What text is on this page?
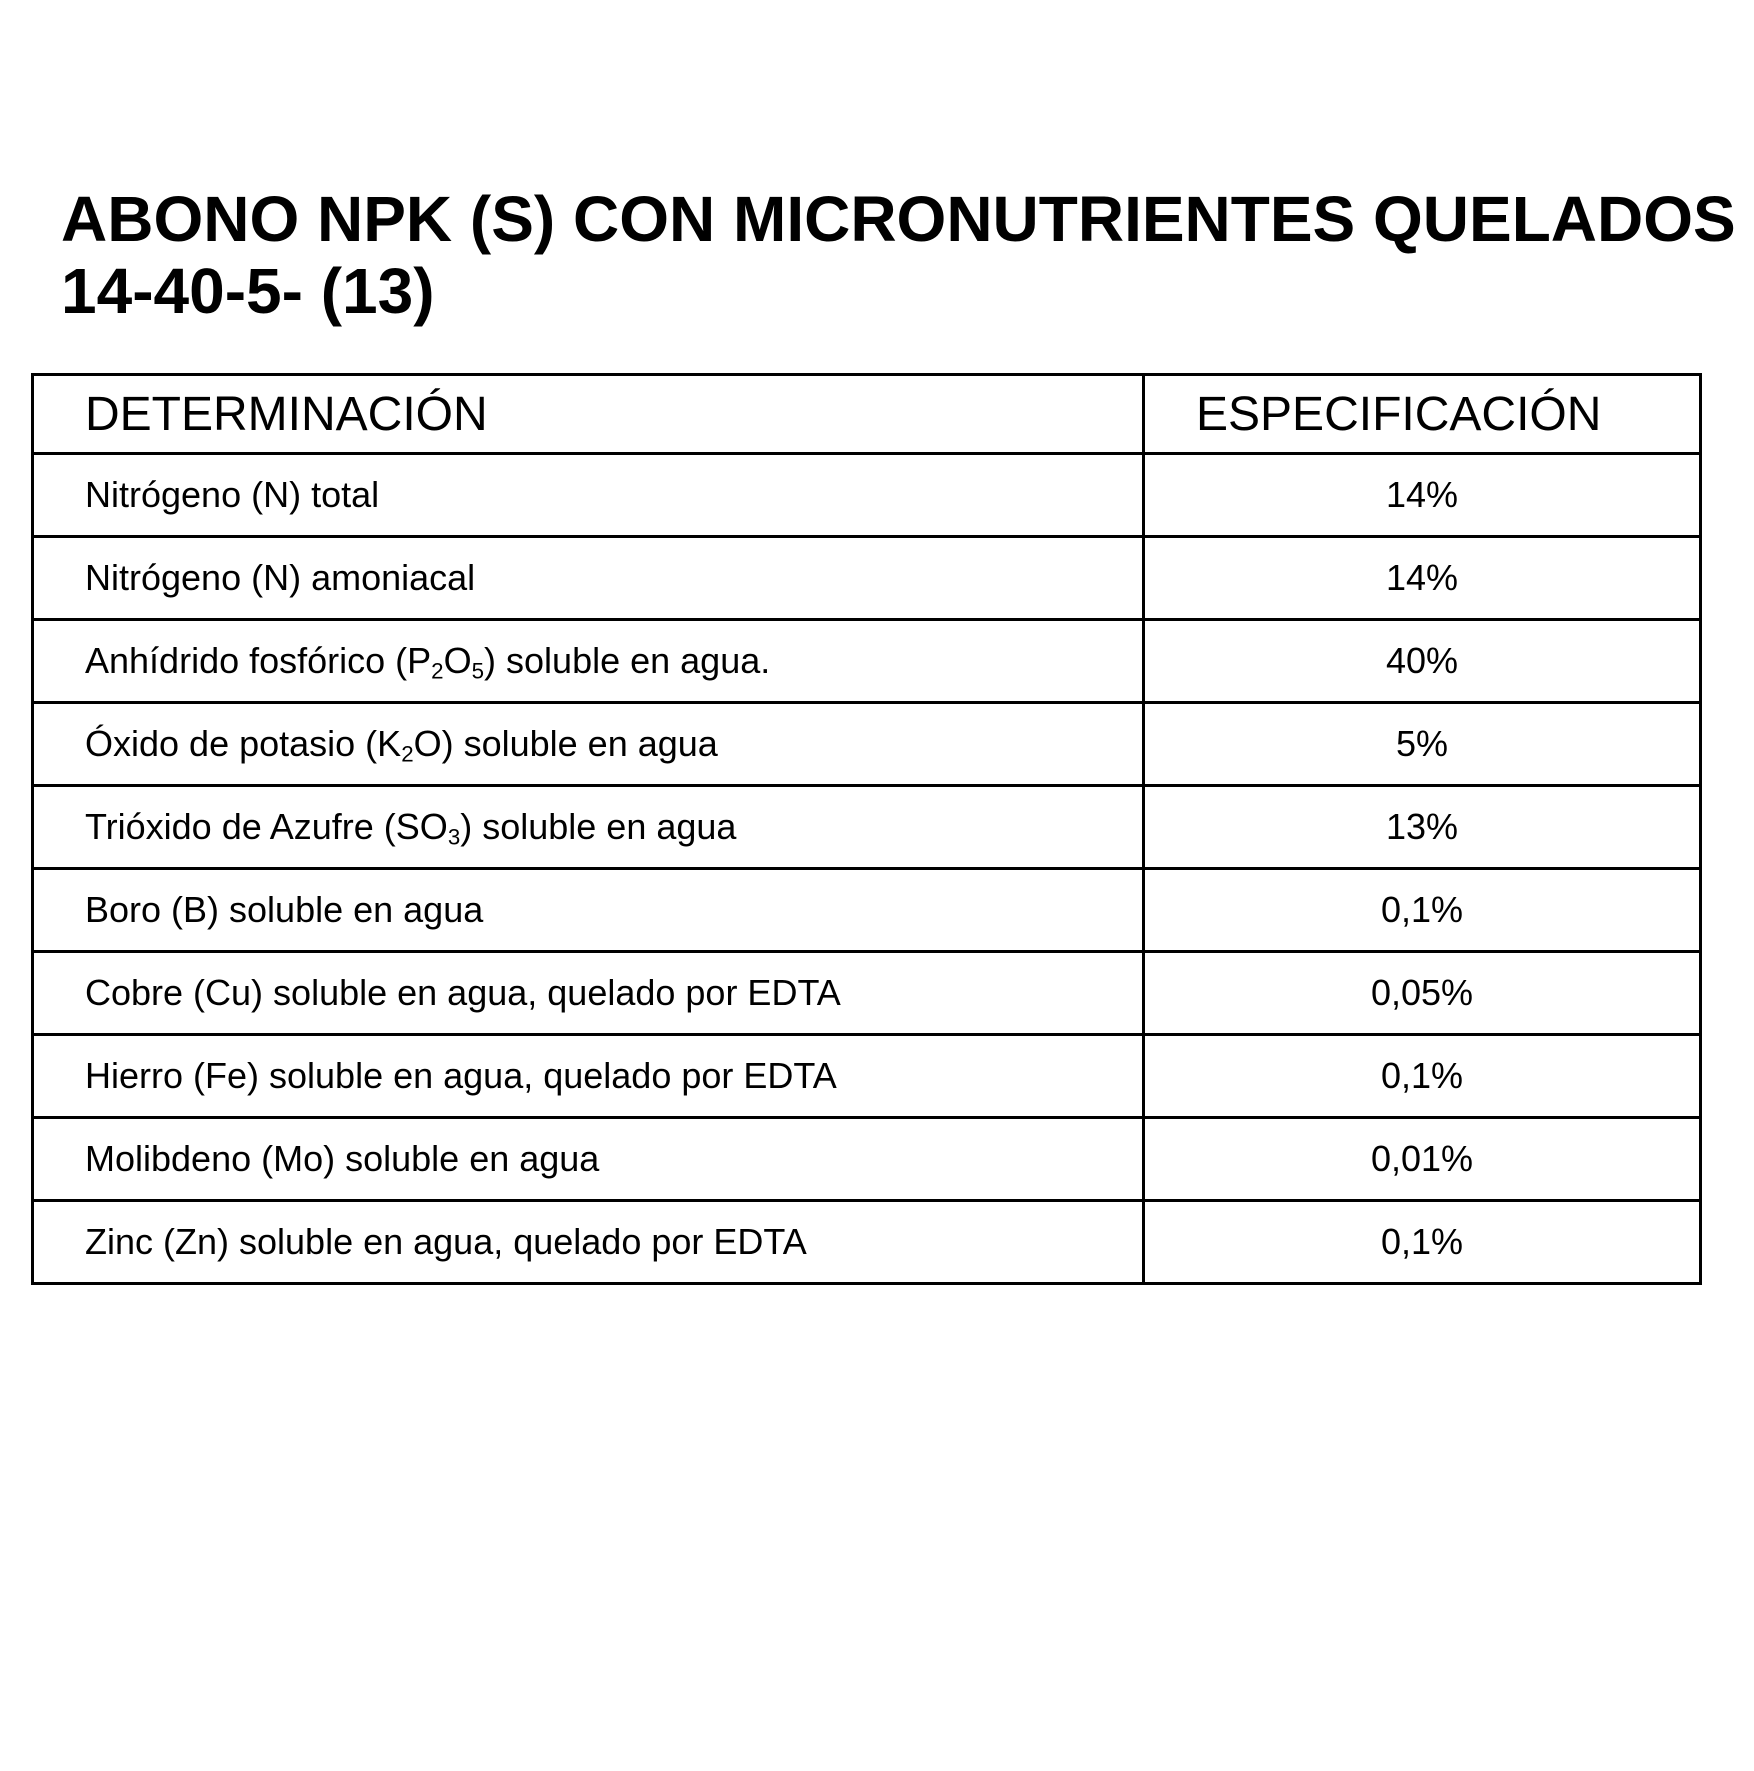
ABONO NPK (S) CON MICRONUTRIENTES QUELADOS
14-40-5- (13)
DETERMINACIÓN	ESPECIFICACIÓN
Nitrógeno (N) total	14%
Nitrógeno (N) amoniacal	14%
Anhídrido fosfórico $(P_2O_5)$ soluble en agua.	40%
Óxido de potasio $(K_2O)$ soluble en agua	5%
Trióxido de Azufre $(SO_3)$ soluble en agua	13%
Boro (B) soluble en agua	0,1%
Cobre (Cu) soluble en agua, quelado por EDTA	0,05%
Hierro (Fe) soluble en agua, quelado por EDTA	0,1%
Molibdeno (Mo) soluble en agua	0,01%
Zinc (Zn) soluble en agua, quelado por EDTA	0,1%
